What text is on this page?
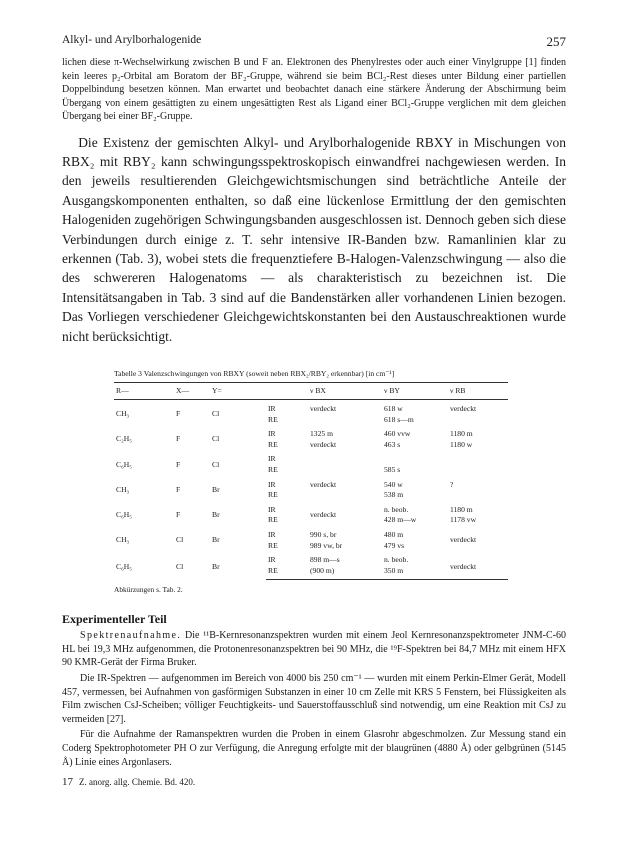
Alkyl- und Arylborhalogenide	257

lichen diese π-Wechselwirkung zwischen B und F an. Elektronen des Phenylrestes oder auch einer Vinylgruppe [1] finden kein leeres p₂-Orbital am Boratom der BF₂-Gruppe, während sie beim BCl₂-Rest dieses unter Bildung einer partiellen Doppelbindung besetzen können. Man erwartet und beobachtet danach eine stärkere Änderung der Abschirmung beim Übergang von einem gesättigten zu einem ungesättigten Rest als Ligand einer BCl₂-Gruppe verglichen mit dem gleichen Übergang bei einer BF₂-Gruppe.

Die Existenz der gemischten Alkyl- und Arylborhalogenide RBXY in Mischungen von RBX₂ mit RBY₂ kann schwingungsspektroskopisch einwandfrei nachgewiesen werden. In den jeweils resultierenden Gleichgewichtsmischungen sind beträchtliche Anteile der Ausgangskomponenten enthalten, so daß eine lückenlose Ermittlung der den gemischten Halogeniden zugehörigen Schwingungsbanden ausgeschlossen ist. Dennoch geben sich diese Verbindungen durch einige z. T. sehr intensive IR-Banden bzw. Ramanlinien klar zu erkennen (Tab. 3), wobei stets die frequenztiefere B-Halogen-Valenzschwingung — also die des schwereren Halogenatoms — als charakteristisch zu bezeichnen ist. Die Intensitätsangaben in Tab. 3 sind auf die Bandenstärken aller vorhandenen Linien bezogen. Das Vorliegen verschiedener Gleichgewichtskonstanten bei den Austauschreaktionen wurde nicht berücksichtigt.

Tabelle 3 Valenzschwingungen von RBXY (soweit neben RBX₂/RBY₂ erkennbar) [in cm⁻¹]
R—	X—	Y=		ν BX	ν BY	ν RB
CH₃	F	Cl	IR	verdeckt	618 w	verdeckt
			RE		618 s—m	
C₂H₅	F	Cl	IR	1325 m	460 vvw	1180 m
			RE	verdeckt	463 s	1180 w
C₆H₅	F	Cl	IR			
			RE		585 s	
CH₃	F	Br	IR	verdeckt	540 w	?
			RE		538 m	
C₆H₅	F	Br	IR	verdeckt	n. beob.	1180 m
			RE		428 m—w	1178 vw
CH₃	Cl	Br	IR	990 s, br	480 m	verdeckt
			RE	989 vw, br	479 vs	
C₆H₅	Cl	Br	IR	898 m—s	n. beob.	verdeckt
			RE	(900 m)	350 m	
Abkürzungen s. Tab. 2.
Experimenteller Teil

Spektrenaufnahme. Die ¹¹B-Kernresonanzspektren wurden mit einem Jeol Kernresonanzspektrometer JNM-C-60 HL bei 19,3 MHz aufgenommen, die Protonenresonanzspektren bei 90 MHz, die ¹⁹F-Spektren bei 84,7 MHz mit einem HFX 90 KMR-Gerät der Firma Bruker.

Die IR-Spektren — aufgenommen im Bereich von 4000 bis 250 cm⁻¹ — wurden mit einem Perkin-Elmer Gerät, Modell 457, vermessen, bei Aufnahmen von gasförmigen Substanzen in einer 10 cm Zelle mit KRS 5 Fenstern, bei Flüssigkeiten als Film zwischen CsJ-Scheiben; völliger Feuchtigkeits- und Sauerstoffausschluß sind notwendig, um eine Reaktion mit CsJ zu vermeiden [27].

Für die Aufnahme der Ramanspektren wurden die Proben in einem Glasrohr abgeschmolzen. Zur Messung stand ein Coderg Spektrophotometer PH O zur Verfügung, die Anregung erfolgte mit der blaugrünen (4880 Å) oder gelbgrünen (5145 Å) Linie eines Argonlasers.

17 Z. anorg. allg. Chemie. Bd. 420.
